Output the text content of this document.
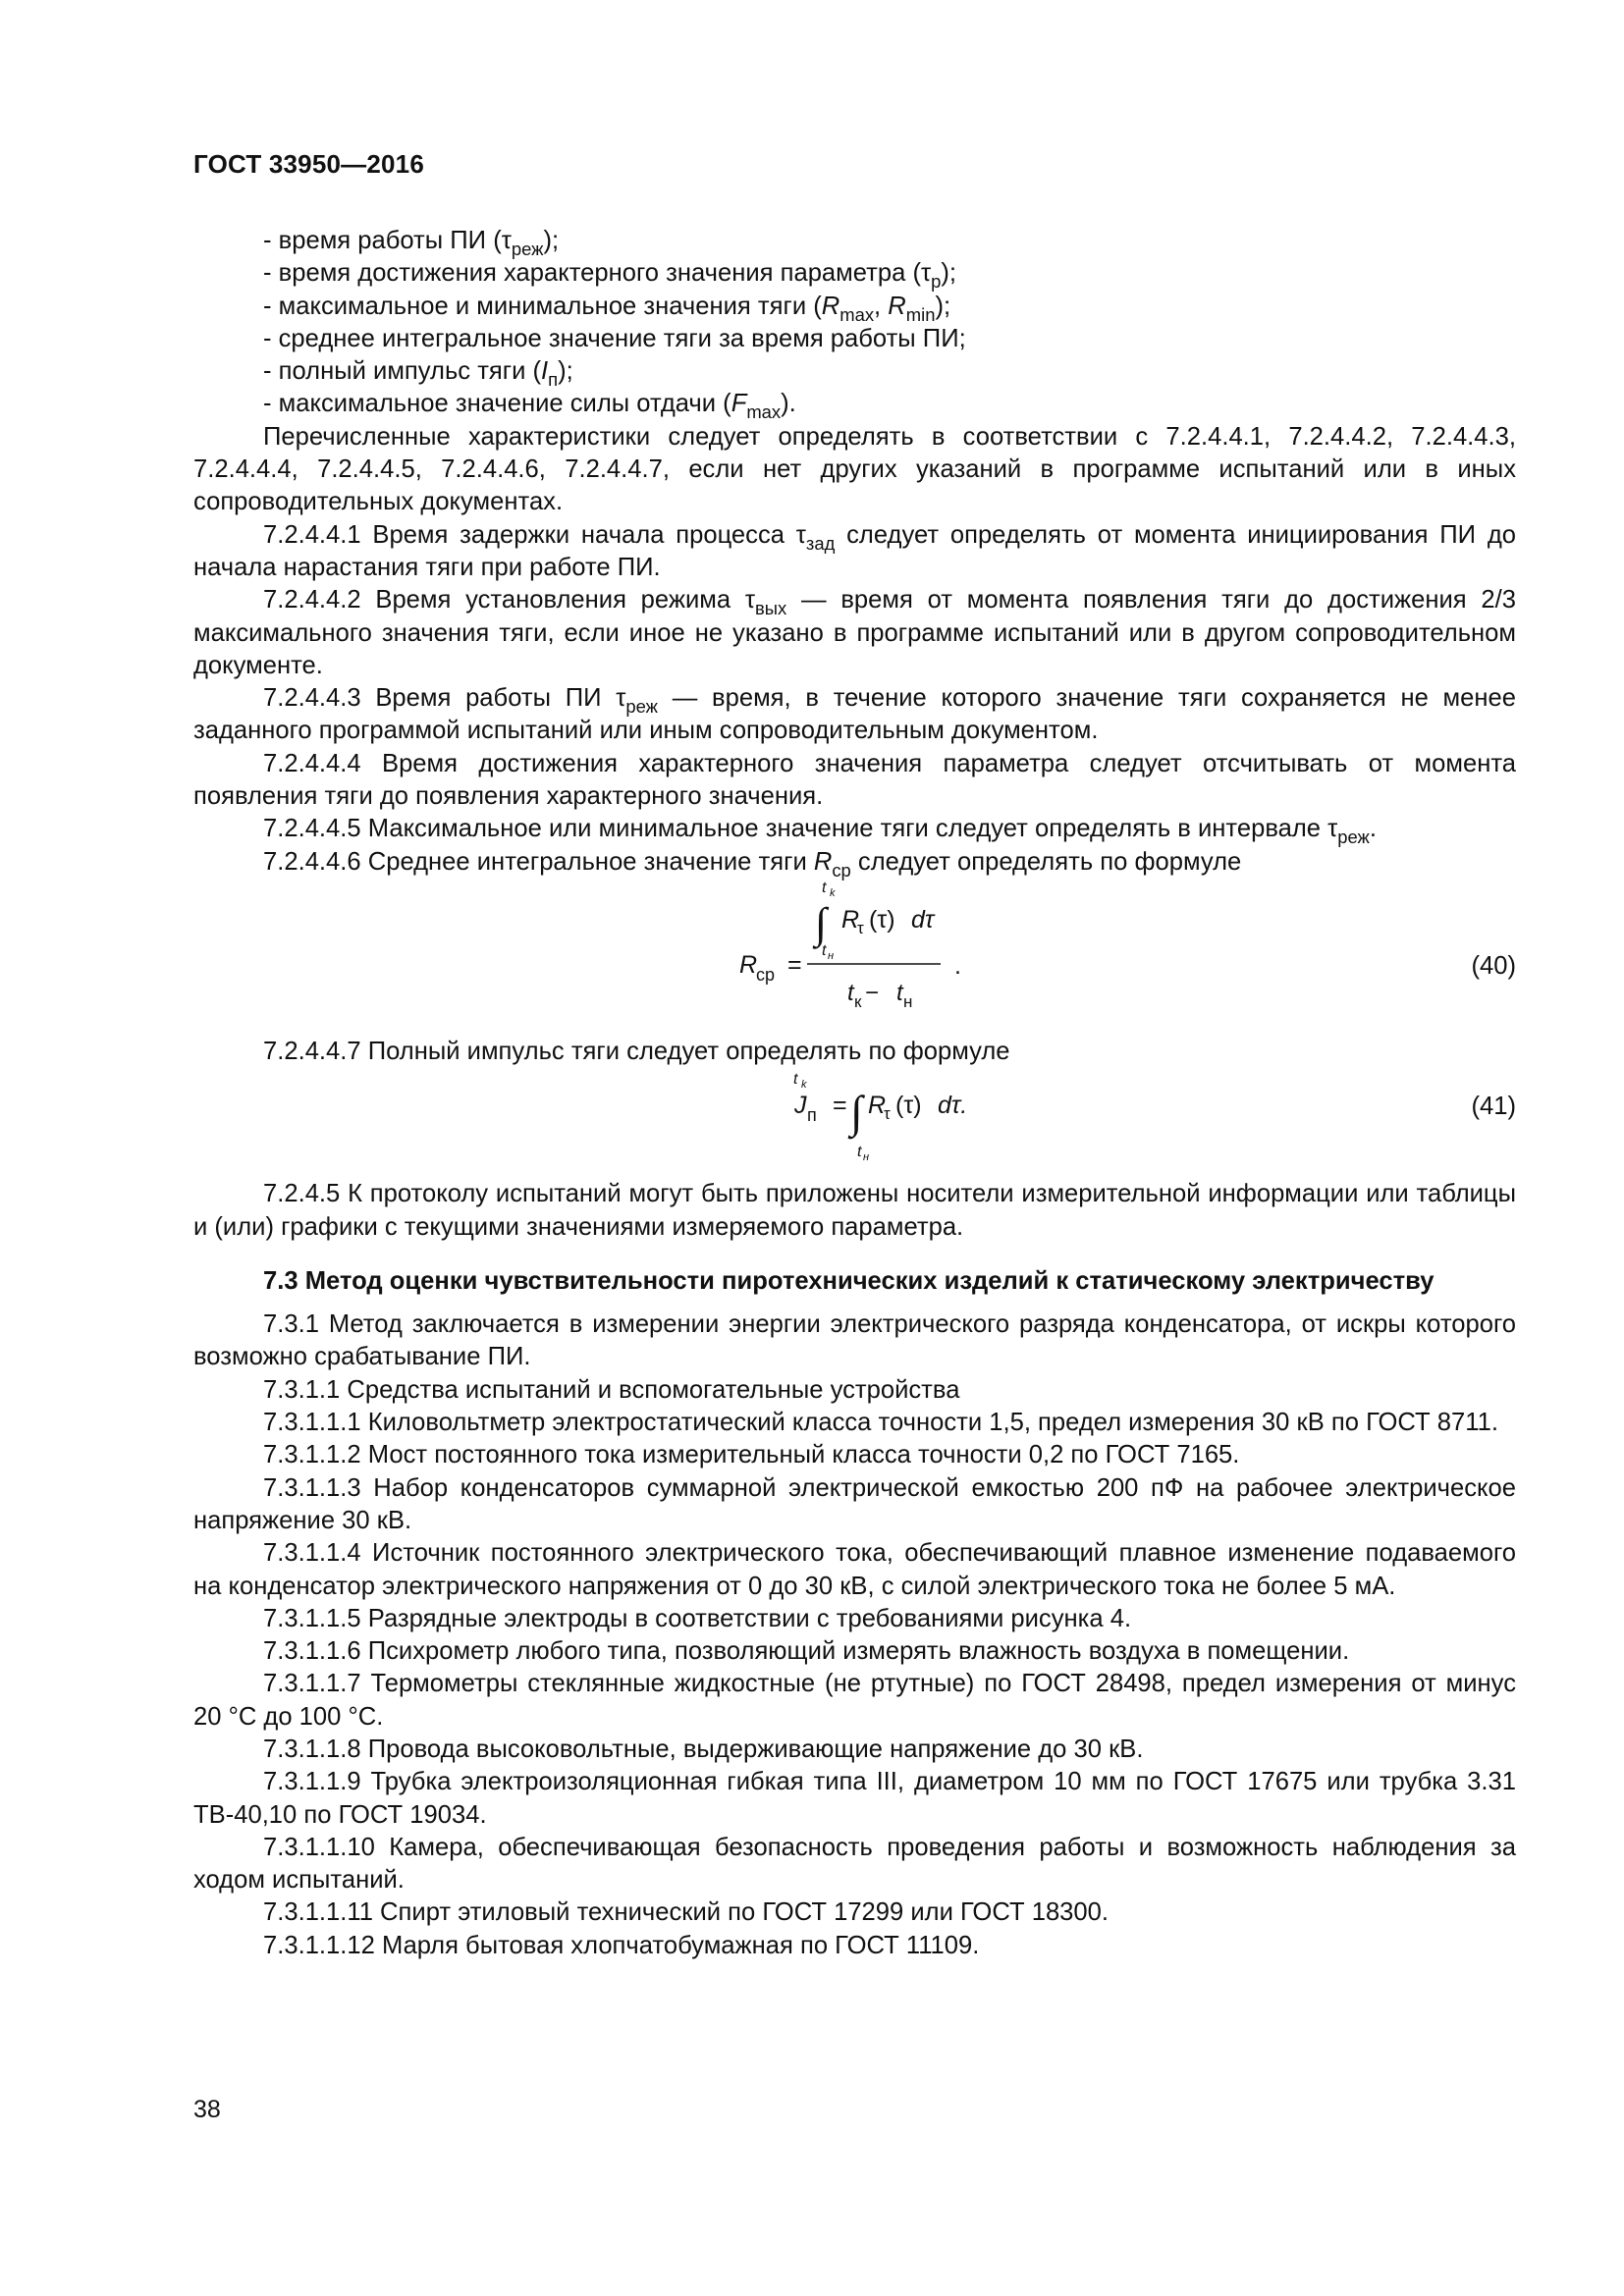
ГОСТ 33950—2016

- время работы ПИ $(\tau_{реж})$;

- время достижения характерного значения параметра $(\tau_р)$;

- максимальное и минимальное значения тяги ($R_{max}$, $R_{min}$);

- среднее интегральное значение тяги за время работы ПИ;

- полный импульс тяги $(I_п)$;

- максимальное значение силы отдачи $(F_{max})$.

Перечисленные характеристики следует определять в соответствии с 7.2.4.4.1, 7.2.4.4.2, 7.2.4.4.3, 7.2.4.4.4, 7.2.4.4.5, 7.2.4.4.6, 7.2.4.4.7, если нет других указаний в программе испытаний или в иных сопроводительных документах.

7.2.4.4.1 Время задержки начала процесса $\tau_{зад}$ следует определять от момента инициирования ПИ до начала нарастания тяги при работе ПИ.

7.2.4.4.2 Время установления режима $\tau_{вых}$ — время от момента появления тяги до достижения 2/3 максимального значения тяги, если иное не указано в программе испытаний или в другом сопроводительном документе.

7.2.4.4.3 Время работы ПИ $\tau_{реж}$ — время, в течение которого значение тяги сохраняется не менее заданного программой испытаний или иным сопроводительным документом.

7.2.4.4.4 Время достижения характерного значения параметра следует отсчитывать от момента появления тяги до появления характерного значения.

7.2.4.4.5 Максимальное или минимальное значение тяги следует определять в интервале $\tau_{реж}$.

7.2.4.4.6 Среднее интегральное значение тяги $R_{ср}$ следует определять по формуле

t k
∫ R
τ (τ) dτ
t н
R
ср =
t к − t н
.	(40)

7.2.4.4.7 Полный импульс тяги следует определять по формуле

J п =
t k
∫ R
τ (τ) dτ.
t н
(41)

7.2.4.5 К протоколу испытаний могут быть приложены носители измерительной информации или таблицы и (или) графики с текущими значениями измеряемого параметра.

7.3 Метод оценки чувствительности пиротехнических изделий к статическому электричеству

7.3.1 Метод заключается в измерении энергии электрического разряда конденсатора, от искры которого возможно срабатывание ПИ.

7.3.1.1 Средства испытаний и вспомогательные устройства

7.3.1.1.1 Киловольтметр электростатический класса точности 1,5, предел измерения 30 кВ по ГОСТ 8711.

7.3.1.1.2 Мост постоянного тока измерительный класса точности 0,2 по ГОСТ 7165.

7.3.1.1.3 Набор конденсаторов суммарной электрической емкостью 200 пФ на рабочее электрическое напряжение 30 кВ.

7.3.1.1.4 Источник постоянного электрического тока, обеспечивающий плавное изменение подаваемого на конденсатор электрического напряжения от 0 до 30 кВ, с силой электрического тока не более 5 мА.

7.3.1.1.5 Разрядные электроды в соответствии с требованиями рисунка 4.

7.3.1.1.6 Психрометр любого типа, позволяющий измерять влажность воздуха в помещении.

7.3.1.1.7 Термометры стеклянные жидкостные (не ртутные) по ГОСТ 28498, предел измерения от минус 20 °С до 100 °С.

7.3.1.1.8 Провода высоковольтные, выдерживающие напряжение до 30 кВ.

7.3.1.1.9 Трубка электроизоляционная гибкая типа III, диаметром 10 мм по ГОСТ 17675 или трубка 3.31 ТВ-40,10 по ГОСТ 19034.

7.3.1.1.10 Камера, обеспечивающая безопасность проведения работы и возможность наблюдения за ходом испытаний.

7.3.1.1.11 Спирт этиловый технический по ГОСТ 17299 или ГОСТ 18300.

7.3.1.1.12 Марля бытовая хлопчатобумажная по ГОСТ 11109.

38
